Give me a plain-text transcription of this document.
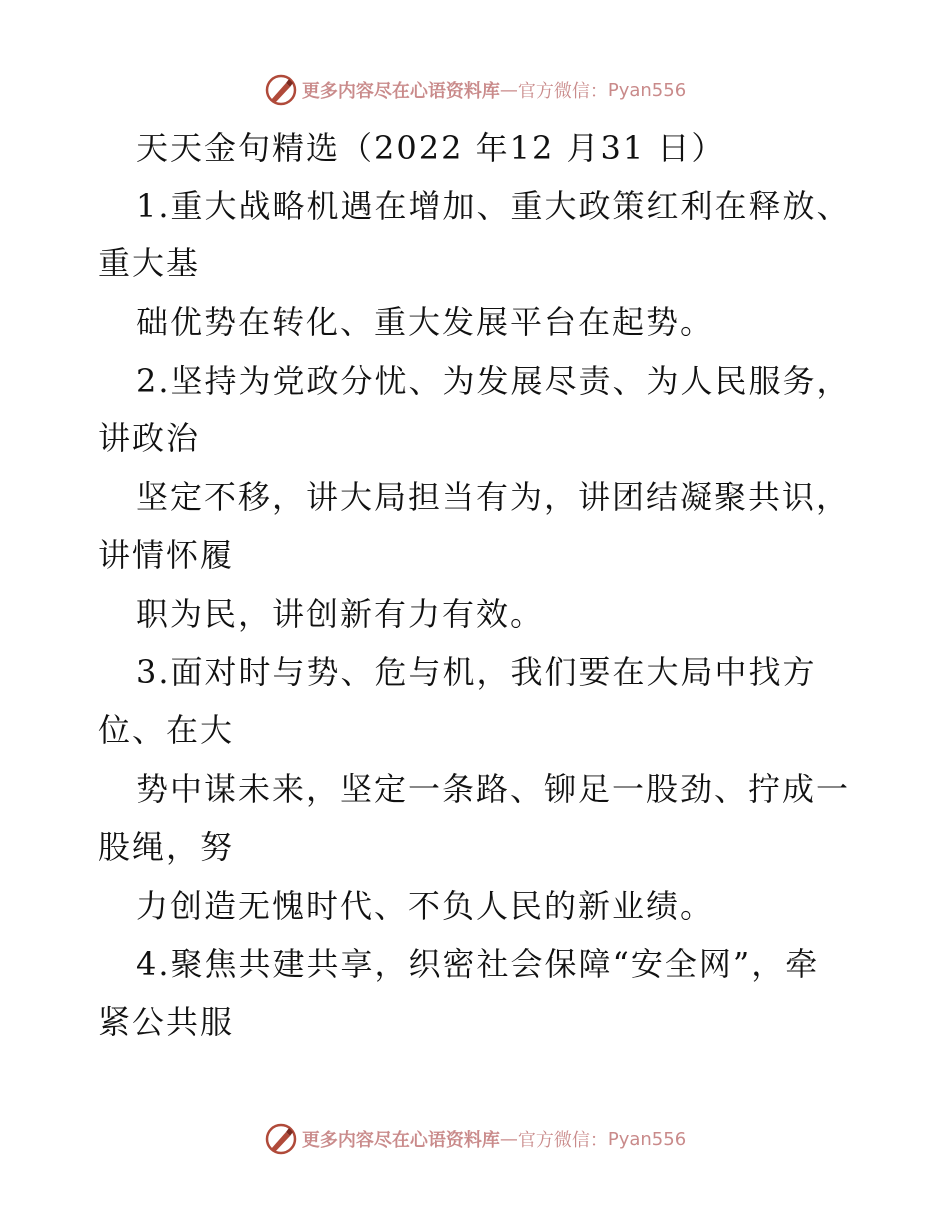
更多内容尽在心语资料库 — 官方微信： Pyan556
天天金句精选（2022 年12 月31 日）
1.重大战略机遇在增加、重大政策红利在释放、
重大基
础优势在转化、重大发展平台在起势。
2.坚持为党政分忧、为发展尽责、为人民服务，
讲政治
坚定不移，讲大局担当有为，讲团结凝聚共识，
讲情怀履
职为民，讲创新有力有效。
3.面对时与势、危与机，我们要在大局中找方
位、在大
势中谋未来，坚定一条路、铆足一股劲、拧成一
股绳，努
力创造无愧时代、不负人民的新业绩。
4.聚焦共建共享，织密社会保障“安全网”，牵
紧公共服
更多内容尽在心语资料库 — 官方微信： Pyan556
